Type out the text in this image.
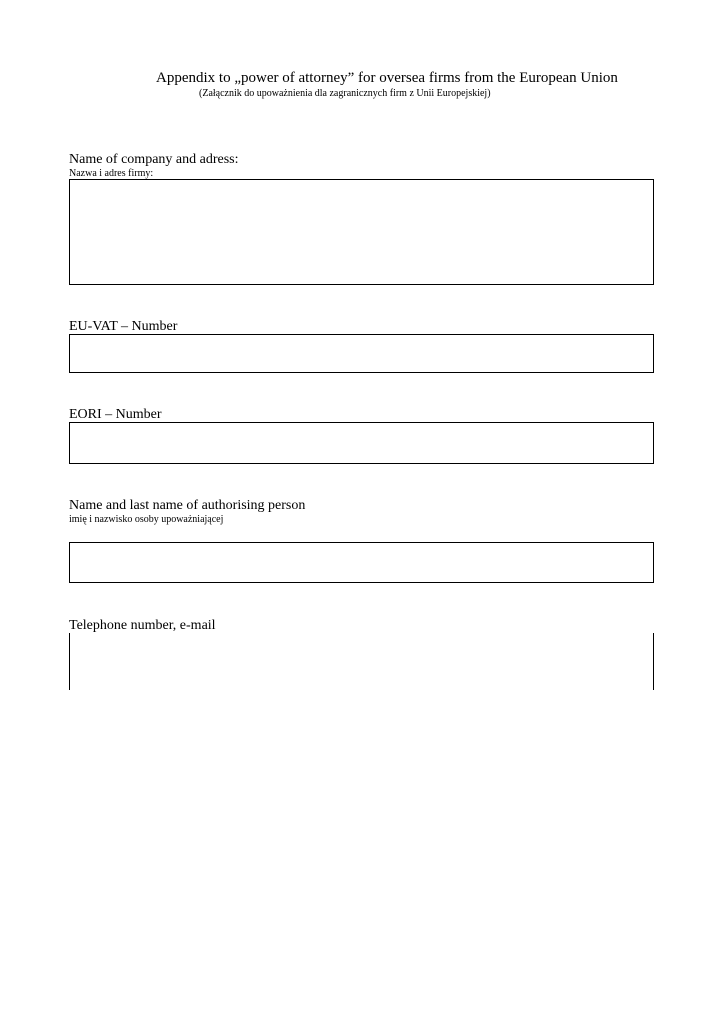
Appendix to „power of attorney” for oversea firms from the European Union

(Załącznik do upoważnienia dla zagranicznych firm z Unii Europejskiej)

Name of company and adress:

Nazwa i adres firmy:

EU-VAT – Number

EORI – Number

Name and last name of authorising person

imię i nazwisko osoby upoważniającej

Telephone number, e-mail
